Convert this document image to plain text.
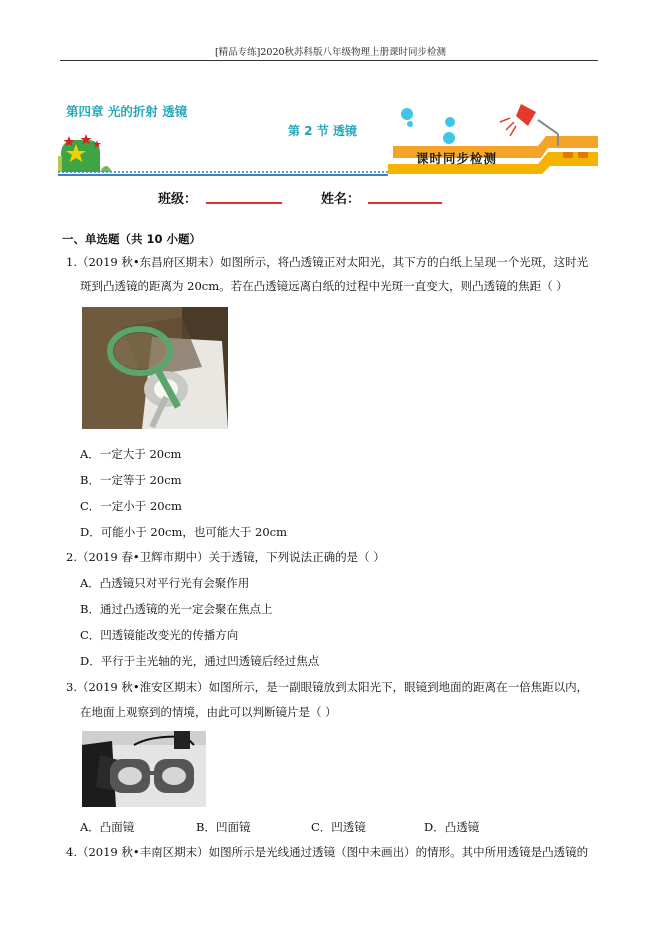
[精品专练]2020秋苏科版八年级物理上册课时同步检测
第四章 光的折射 透镜
第 2 节 透镜
课时同步检测
班级：	姓名：
一、单选题（共 10 小题）
1.（2019 秋•东昌府区期末）如图所示，将凸透镜正对太阳光，其下方的白纸上呈现一个光斑，这时光
斑到凸透镜的距离为 20cm。若在凸透镜远离白纸的过程中光斑一直变大，则凸透镜的焦距（ ）
A．一定大于 20cm
B．一定等于 20cm
C．一定小于 20cm
D．可能小于 20cm，也可能大于 20cm
2.（2019 春•卫辉市期中）关于透镜，下列说法正确的是（ ）
A．凸透镜只对平行光有会聚作用
B．通过凸透镜的光一定会聚在焦点上
C．凹透镜能改变光的传播方向
D．平行于主光轴的光，通过凹透镜后经过焦点
3.（2019 秋•淮安区期末）如图所示，是一副眼镜放到太阳光下，眼镜到地面的距离在一倍焦距以内，
在地面上观察到的情境，由此可以判断镜片是（ ）
A．凸面镜	B．凹面镜	C．凹透镜	D．凸透镜
4.（2019 秋•丰南区期末）如图所示是光线通过透镜（图中未画出）的情形。其中所用透镜是凸透镜的
